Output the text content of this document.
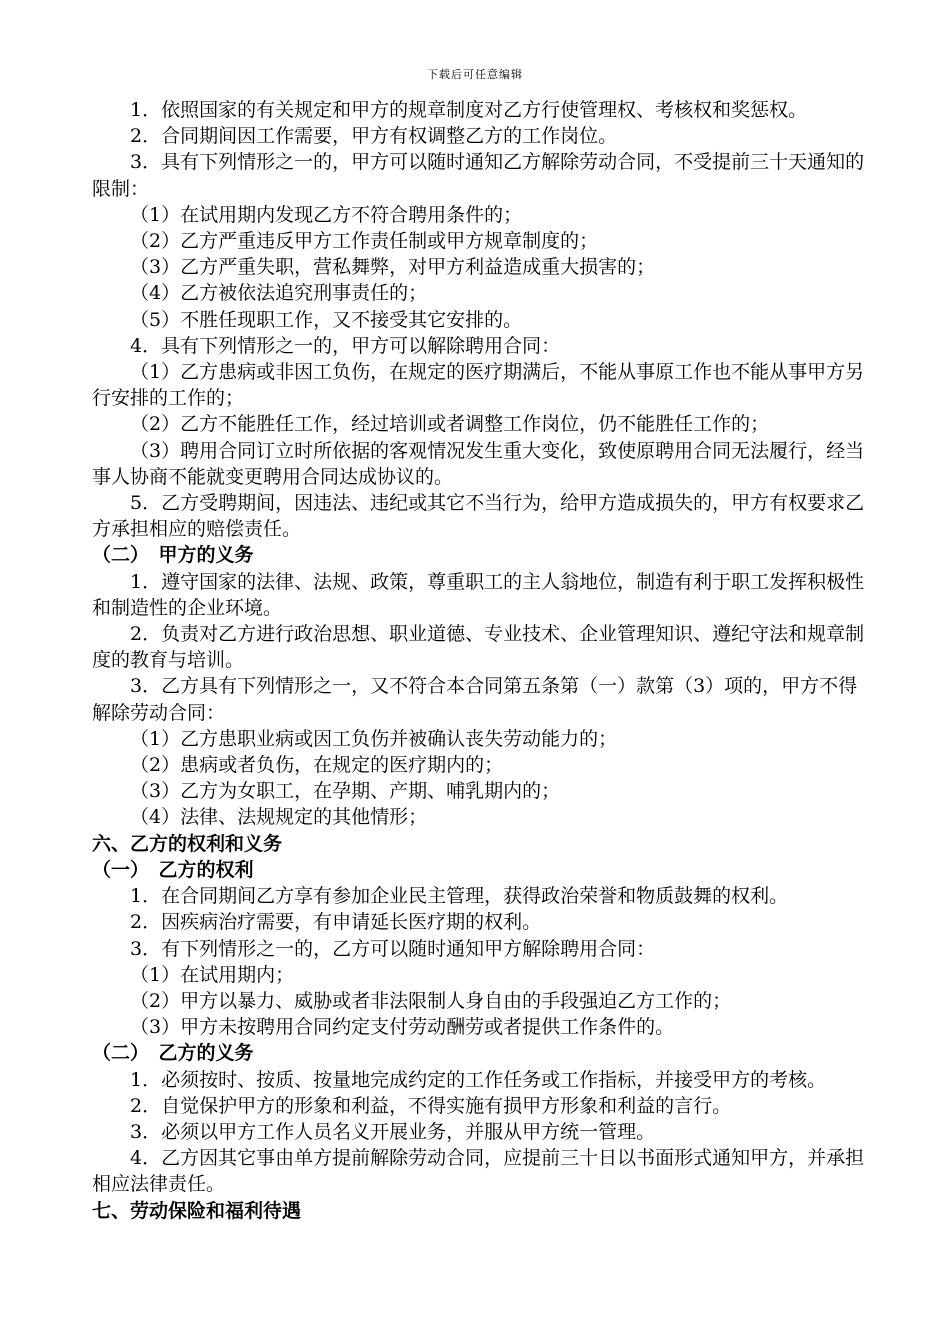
下载后可任意编辑

1．依照国家的有关规定和甲方的规章制度对乙方行使管理权、考核权和奖惩权。

2．合同期间因工作需要，甲方有权调整乙方的工作岗位。

3．具有下列情形之一的，甲方可以随时通知乙方解除劳动合同，不受提前三十天通知的限制：

（1）在试用期内发现乙方不符合聘用条件的；

（2）乙方严重违反甲方工作责任制或甲方规章制度的；

（3）乙方严重失职，营私舞弊，对甲方利益造成重大损害的；

（4）乙方被依法追究刑事责任的；

（5）不胜任现职工作，又不接受其它安排的。

4．具有下列情形之一的，甲方可以解除聘用合同：

（1）乙方患病或非因工负伤，在规定的医疗期满后，不能从事原工作也不能从事甲方另行安排的工作的；

（2）乙方不能胜任工作，经过培训或者调整工作岗位，仍不能胜任工作的；

（3）聘用合同订立时所依据的客观情况发生重大变化，致使原聘用合同无法履行，经当事人协商不能就变更聘用合同达成协议的。

5．乙方受聘期间，因违法、违纪或其它不当行为，给甲方造成损失的，甲方有权要求乙方承担相应的赔偿责任。

（二）　甲方的义务

1．遵守国家的法律、法规、政策，尊重职工的主人翁地位，制造有利于职工发挥积极性和制造性的企业环境。

2．负责对乙方进行政治思想、职业道德、专业技术、企业管理知识、遵纪守法和规章制度的教育与培训。

3．乙方具有下列情形之一，又不符合本合同第五条第（一）款第（3）项的，甲方不得解除劳动合同：

（1）乙方患职业病或因工负伤并被确认丧失劳动能力的；

（2）患病或者负伤，在规定的医疗期内的；

（3）乙方为女职工，在孕期、产期、哺乳期内的；

（4）法律、法规规定的其他情形；

六、乙方的权利和义务

（一）　乙方的权利

1．在合同期间乙方享有参加企业民主管理，获得政治荣誉和物质鼓舞的权利。

2．因疾病治疗需要，有申请延长医疗期的权利。

3．有下列情形之一的，乙方可以随时通知甲方解除聘用合同：

（1）在试用期内；

（2）甲方以暴力、威胁或者非法限制人身自由的手段强迫乙方工作的；

（3）甲方未按聘用合同约定支付劳动酬劳或者提供工作条件的。

（二）　乙方的义务

1．必须按时、按质、按量地完成约定的工作任务或工作指标，并接受甲方的考核。

2．自觉保护甲方的形象和利益，不得实施有损甲方形象和利益的言行。

3．必须以甲方工作人员名义开展业务，并服从甲方统一管理。

4．乙方因其它事由单方提前解除劳动合同，应提前三十日以书面形式通知甲方，并承担相应法律责任。

七、劳动保险和福利待遇
